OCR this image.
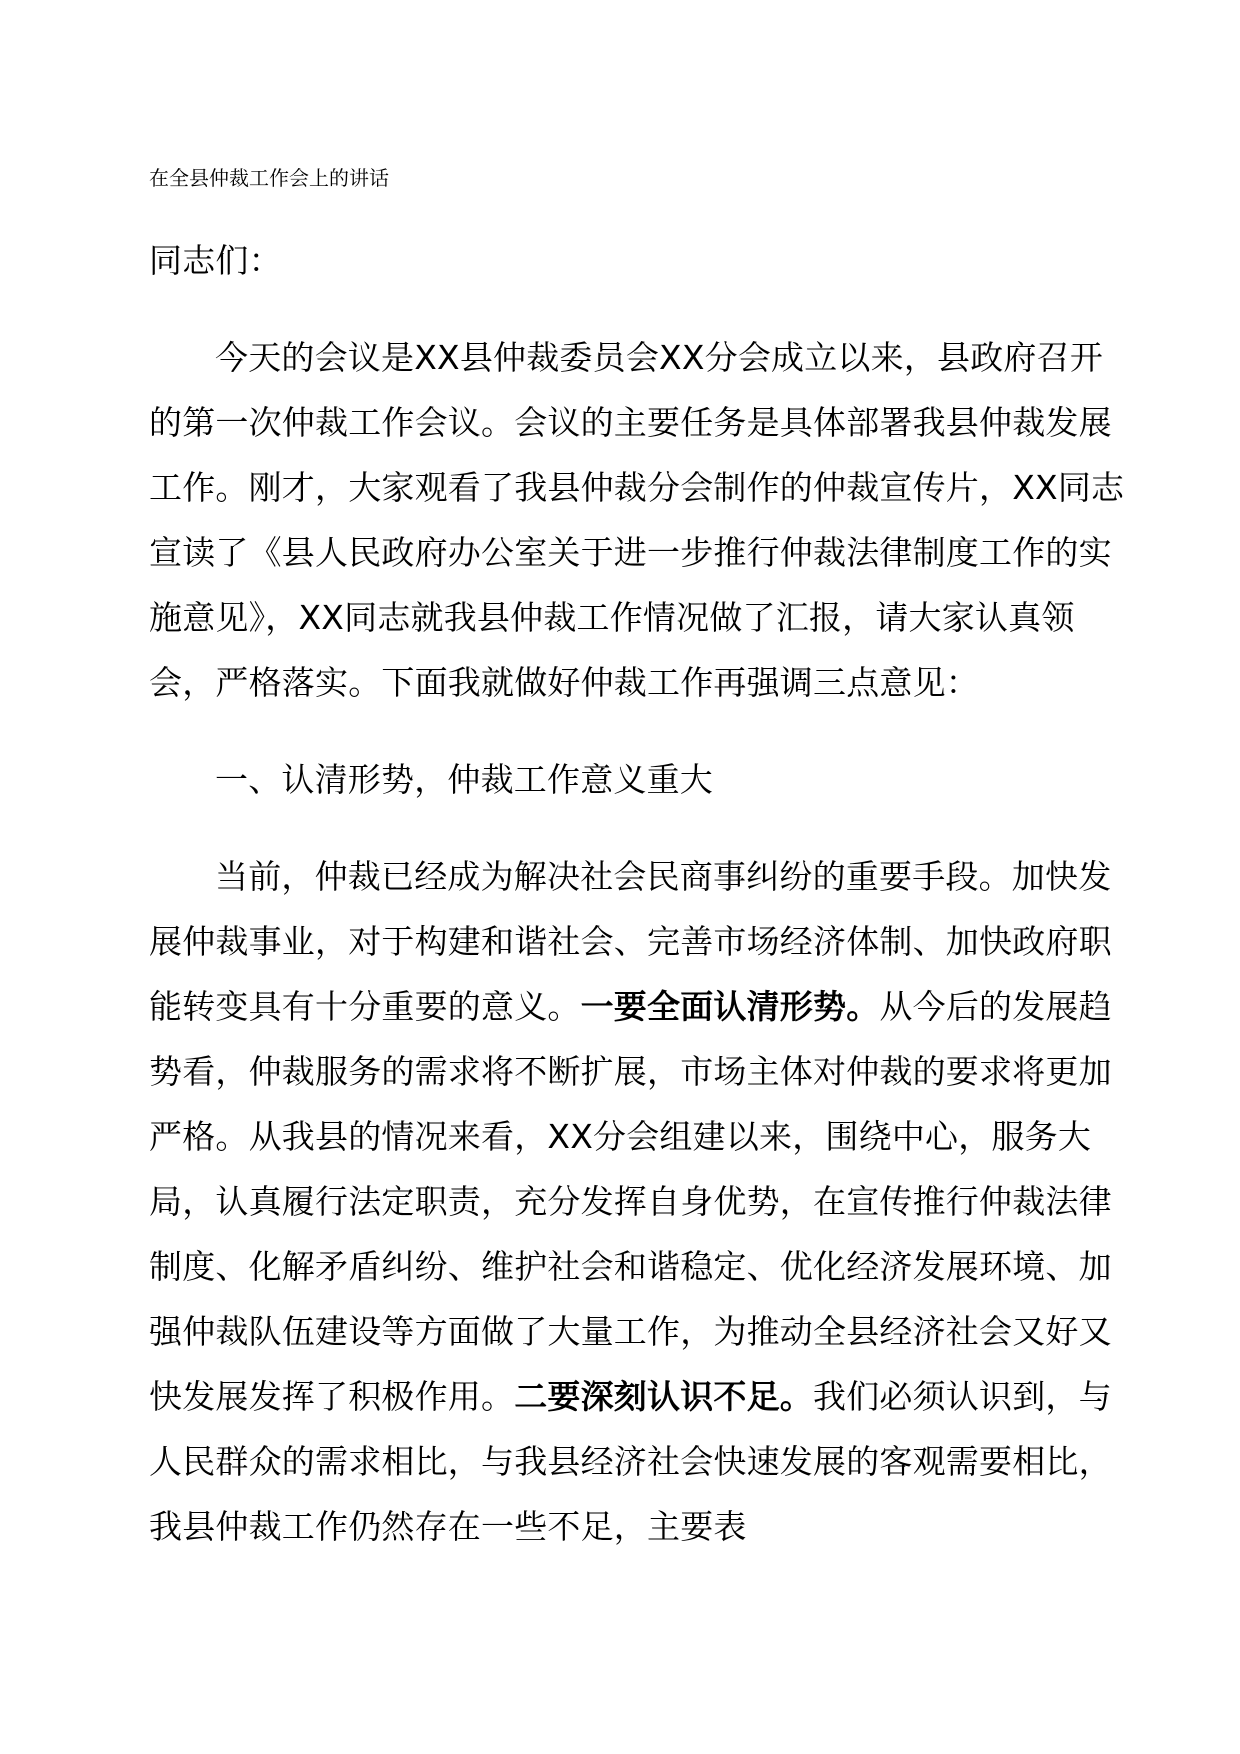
在全县仲裁工作会上的讲话

同志们：

今天的会议是XX县仲裁委员会XX分会成立以来，县政府召开的第一次仲裁工作会议。会议的主要任务是具体部署我县仲裁发展工作。刚才，大家观看了我县仲裁分会制作的仲裁宣传片，XX同志宣读了《县人民政府办公室关于进一步推行仲裁法律制度工作的实施意见》，XX同志就我县仲裁工作情况做了汇报，请大家认真领会，严格落实。下面我就做好仲裁工作再强调三点意见：

一、认清形势，仲裁工作意义重大

当前，仲裁已经成为解决社会民商事纠纷的重要手段。加快发展仲裁事业，对于构建和谐社会、完善市场经济体制、加快政府职能转变具有十分重要的意义。一要全面认清形势。从今后的发展趋势看，仲裁服务的需求将不断扩展，市场主体对仲裁的要求将更加严格。从我县的情况来看，XX分会组建以来，围绕中心，服务大局，认真履行法定职责，充分发挥自身优势，在宣传推行仲裁法律制度、化解矛盾纠纷、维护社会和谐稳定、优化经济发展环境、加强仲裁队伍建设等方面做了大量工作，为推动全县经济社会又好又快发展发挥了积极作用。二要深刻认识不足。我们必须认识到，与人民群众的需求相比，与我县经济社会快速发展的客观需要相比，我县仲裁工作仍然存在一些不足，主要表
